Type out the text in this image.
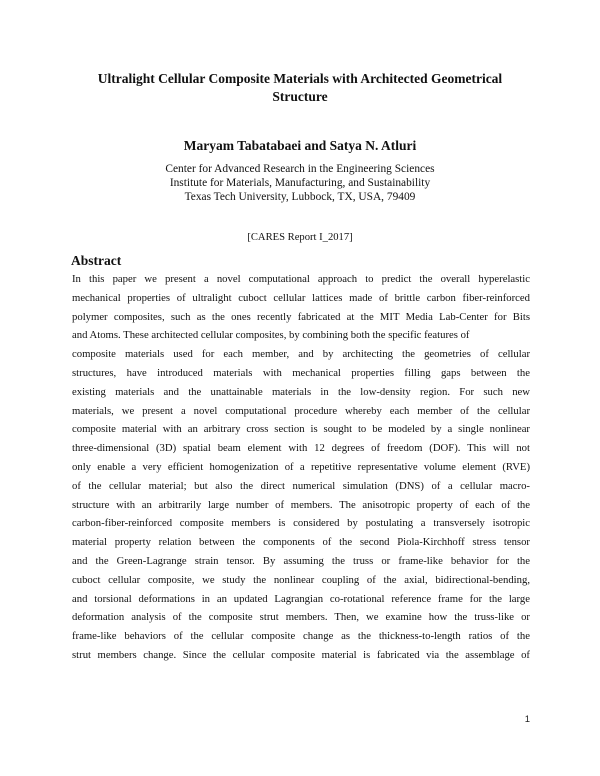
Ultralight Cellular Composite Materials with Architected Geometrical
Structure
Maryam Tabatabaei and Satya N. Atluri
Center for Advanced Research in the Engineering Sciences
Institute for Materials, Manufacturing, and Sustainability
Texas Tech University, Lubbock, TX, USA, 79409
[CARES Report I_2017]
Abstract
In this paper we present a novel computational approach to predict the overall hyperelastic
mechanical properties of ultralight cuboct cellular lattices made of brittle carbon fiber-reinforced
polymer composites, such as the ones recently fabricated at the MIT Media Lab-Center for Bits
and Atoms. These architected cellular composites, by combining both the specific features of
composite materials used for each member, and by architecting the geometries of cellular
structures, have introduced materials with mechanical properties filling gaps between the
existing materials and the unattainable materials in the low-density region. For such new
materials, we present a novel computational procedure whereby each member of the cellular
composite material with an arbitrary cross section is sought to be modeled by a single nonlinear
three-dimensional (3D) spatial beam element with 12 degrees of freedom (DOF). This will not
only enable a very efficient homogenization of a repetitive representative volume element (RVE)
of the cellular material; but also the direct numerical simulation (DNS) of a cellular macro-
structure with an arbitrarily large number of members. The anisotropic property of each of the
carbon-fiber-reinforced composite members is considered by postulating a transversely isotropic
material property relation between the components of the second Piola-Kirchhoff stress tensor
and the Green-Lagrange strain tensor. By assuming the truss or frame-like behavior for the
cuboct cellular composite, we study the nonlinear coupling of the axial, bidirectional-bending,
and torsional deformations in an updated Lagrangian co-rotational reference frame for the large
deformation analysis of the composite strut members. Then, we examine how the truss-like or
frame-like behaviors of the cellular composite change as the thickness-to-length ratios of the
strut members change. Since the cellular composite material is fabricated via the assemblage of
1
